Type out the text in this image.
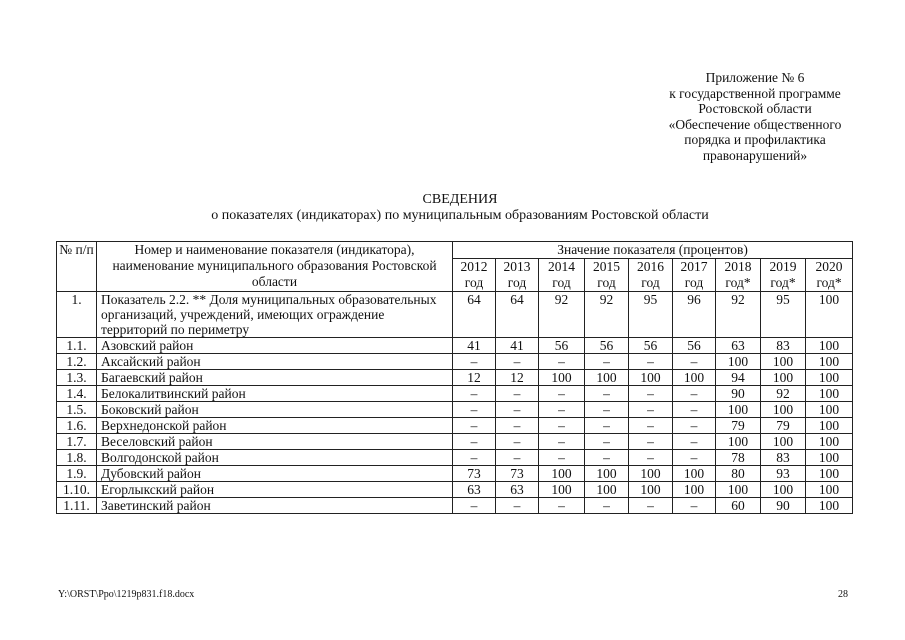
Приложение № 6
к государственной программе
Ростовской области
«Обеспечение общественного
порядка и профилактика
правонарушений»
СВЕДЕНИЯ
о показателях (индикаторах) по муниципальным образованиям Ростовской области
№ п/п	Номер и наименование показателя (индикатора), наименование муниципального образования Ростовской области	Значение показателя (процентов)									
		2012 год	2013 год	2014 год	2015 год	2016 год	2017 год	2018 год*	2019 год*	2020 год*	

1.	Показатель 2.2. ** Доля муниципальных образовательных организаций, учреждений, имеющих ограждение территорий по периметру	64	64	92	92	95	96	92	95	100	
1.1.	Азовский район	41	41	56	56	56	56	63	83	100	
1.2.	Аксайский район	–	–	–	–	–	–	100	100	100	
1.3.	Багаевский район	12	12	100	100	100	100	94	100	100	
1.4.	Белокалитвинский район	–	–	–	–	–	–	90	92	100	
1.5.	Боковский район	–	–	–	–	–	–	100	100	100	
1.6.	Верхнедонской район	–	–	–	–	–	–	79	79	100	
1.7.	Веселовский район	–	–	–	–	–	–	100	100	100	
1.8.	Волгодонской район	–	–	–	–	–	–	78	83	100	
1.9.	Дубовский район	73	73	100	100	100	100	80	93	100	
1.10.	Егорлыкский район	63	63	100	100	100	100	100	100	100	
1.11.	Заветинский район	–	–	–	–	–	–	60	90	100	
Y:\ORST\Ppo\1219p831.f18.docx	28
